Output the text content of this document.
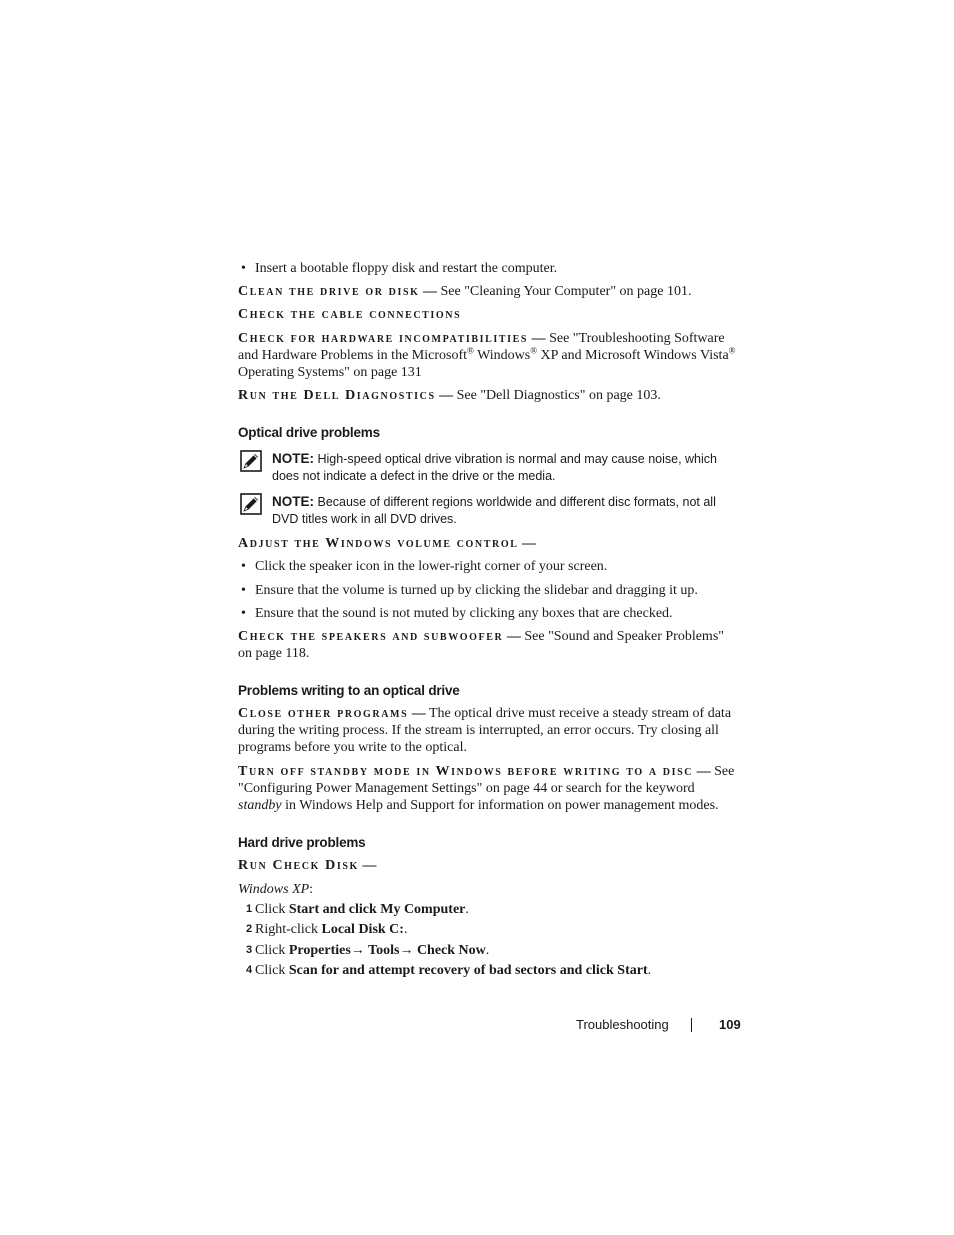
• Insert a bootable floppy disk and restart the computer.
Clean the drive or disk — See "Cleaning Your Computer" on page 101.
Check the cable connections
Check for hardware incompatibilities — See "Troubleshooting Software and Hardware Problems in the Microsoft® Windows® XP and Microsoft Windows Vista® Operating Systems" on page 131
Run the Dell Diagnostics — See "Dell Diagnostics" on page 103.
Optical drive problems
NOTE: High-speed optical drive vibration is normal and may cause noise, which does not indicate a defect in the drive or the media.
NOTE: Because of different regions worldwide and different disc formats, not all DVD titles work in all DVD drives.
Adjust the Windows volume control —
• Click the speaker icon in the lower-right corner of your screen.
• Ensure that the volume is turned up by clicking the slidebar and dragging it up.
• Ensure that the sound is not muted by clicking any boxes that are checked.
Check the speakers and subwoofer — See "Sound and Speaker Problems" on page 118.
Problems writing to an optical drive
Close other programs — The optical drive must receive a steady stream of data during the writing process. If the stream is interrupted, an error occurs. Try closing all programs before you write to the optical.
Turn off standby mode in Windows before writing to a disc — See "Configuring Power Management Settings" on page 44 or search for the keyword standby in Windows Help and Support for information on power management modes.
Hard drive problems
Run Check Disk —
Windows XP:
1 Click Start and click My Computer.
2 Right-click Local Disk C:.
3 Click Properties→ Tools→ Check Now.
4 Click Scan for and attempt recovery of bad sectors and click Start.
Troubleshooting	109
